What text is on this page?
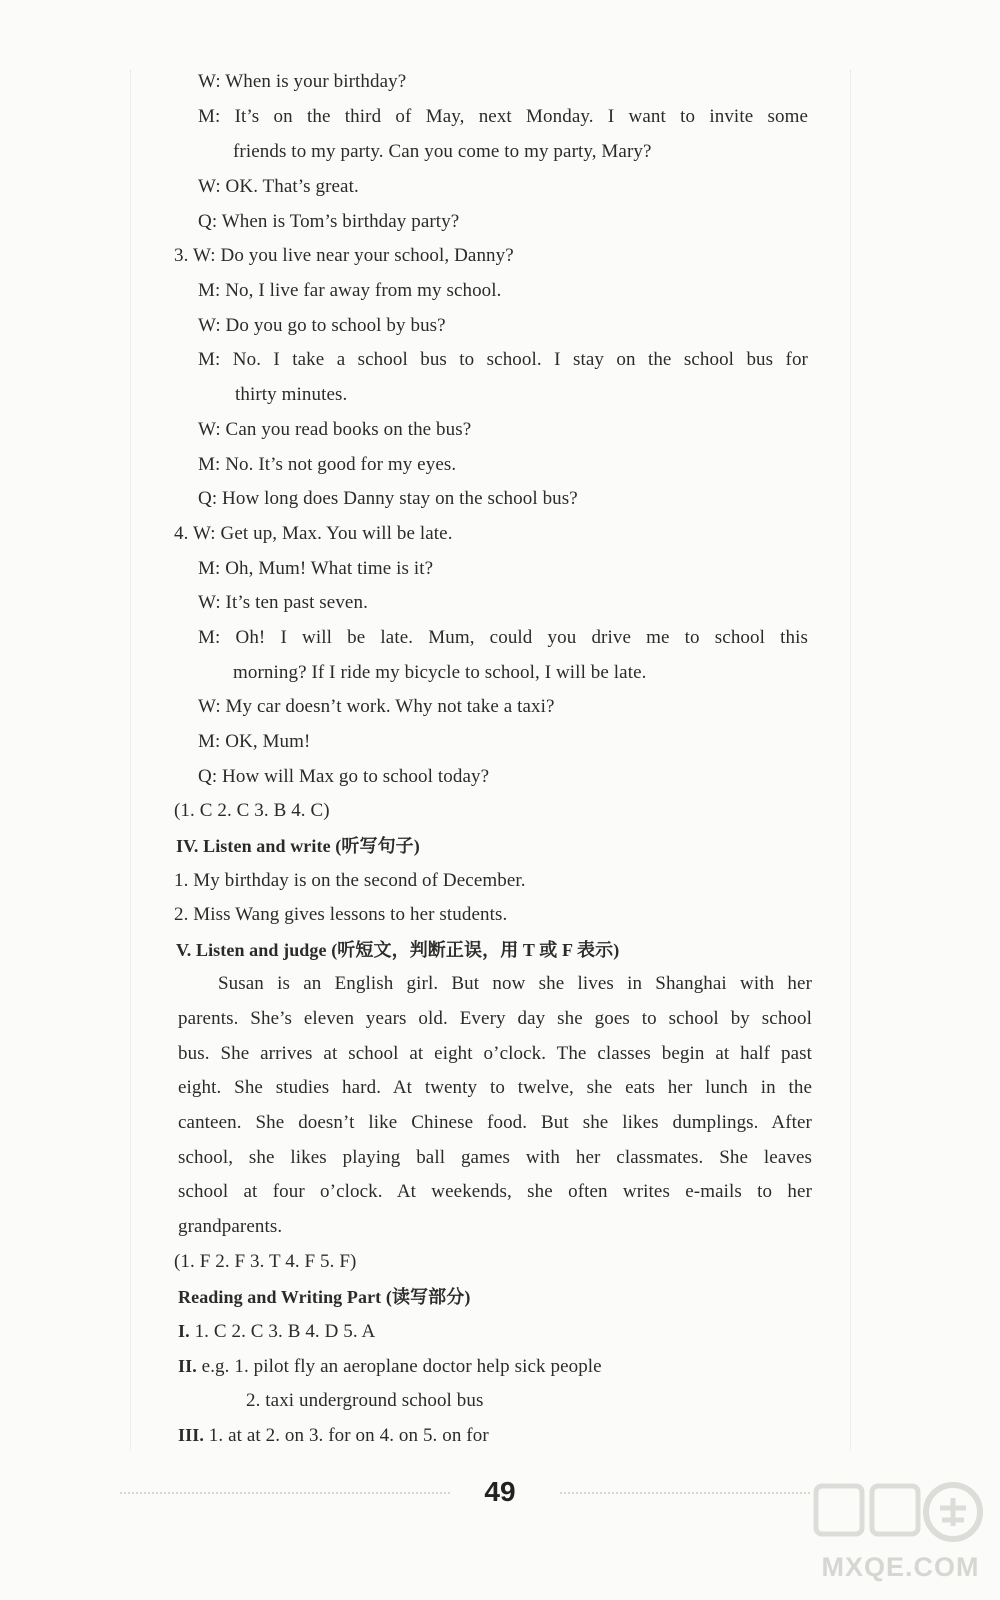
W: When is your birthday?
M: It’s on the third of May, next Monday. I want to invite some
friends to my party. Can you come to my party, Mary?
W: OK. That’s great.
Q: When is Tom’s birthday party?
3. W: Do you live near your school, Danny?
M: No, I live far away from my school.
W: Do you go to school by bus?
M: No. I take a school bus to school. I stay on the school bus for
thirty minutes.
W: Can you read books on the bus?
M: No. It’s not good for my eyes.
Q: How long does Danny stay on the school bus?
4. W: Get up, Max. You will be late.
M: Oh, Mum! What time is it?
W: It’s ten past seven.
M: Oh! I will be late. Mum, could you drive me to school this
morning? If I ride my bicycle to school, I will be late.
W: My car doesn’t work. Why not take a taxi?
M: OK, Mum!
Q: How will Max go to school today?
(1. C 2. C 3. B 4. C)
IV. Listen and write (听写句子)
1. My birthday is on the second of December.
2. Miss Wang gives lessons to her students.
V. Listen and judge (听短文，判断正误，用 T 或 F 表示)
Susan is an English girl. But now she lives in Shanghai with her
parents. She’s eleven years old. Every day she goes to school by school
bus. She arrives at school at eight o’clock. The classes begin at half past
eight. She studies hard. At twenty to twelve, she eats her lunch in the
canteen. She doesn’t like Chinese food. But she likes dumplings. After
school, she likes playing ball games with her classmates. She leaves
school at four o’clock. At weekends, she often writes e-mails to her
grandparents.
(1. F 2. F 3. T 4. F 5. F)
Reading and Writing Part (读写部分)
I. 1. C 2. C 3. B 4. D 5. A
II. e.g. 1. pilot fly an aeroplane doctor help sick people
2. taxi underground school bus
III. 1. at at 2. on 3. for on 4. on 5. on for
49
MXQE.COM
